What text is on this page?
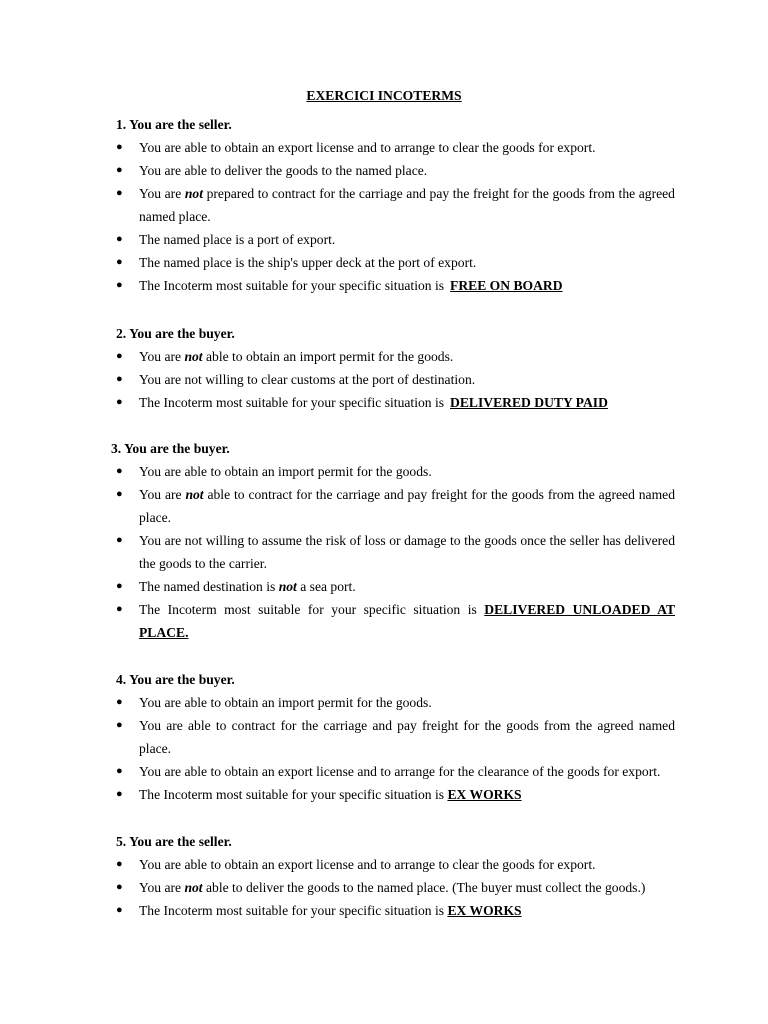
EXERCICI INCOTERMS
1. You are the seller.
● You are able to obtain an export license and to arrange to clear the goods for export.
● You are able to deliver the goods to the named place.
● You are not prepared to contract for the carriage and pay the freight for the goods from the agreed named place.
● The named place is a port of export.
● The named place is the ship's upper deck at the port of export.
● The Incoterm most suitable for your specific situation is FREE ON BOARD
2. You are the buyer.
● You are not able to obtain an import permit for the goods.
● You are not willing to clear customs at the port of destination.
● The Incoterm most suitable for your specific situation is DELIVERED DUTY PAID
3. You are the buyer.
● You are able to obtain an import permit for the goods.
● You are not able to contract for the carriage and pay freight for the goods from the agreed named place.
● You are not willing to assume the risk of loss or damage to the goods once the seller has delivered the goods to the carrier.
● The named destination is not a sea port.
● The Incoterm most suitable for your specific situation is DELIVERED UNLOADED AT PLACE.
4. You are the buyer.
● You are able to obtain an import permit for the goods.
● You are able to contract for the carriage and pay freight for the goods from the agreed named place.
● You are able to obtain an export license and to arrange for the clearance of the goods for export.
● The Incoterm most suitable for your specific situation is EX WORKS
5. You are the seller.
● You are able to obtain an export license and to arrange to clear the goods for export.
● You are not able to deliver the goods to the named place. (The buyer must collect the goods.)
● The Incoterm most suitable for your specific situation is EX WORKS
